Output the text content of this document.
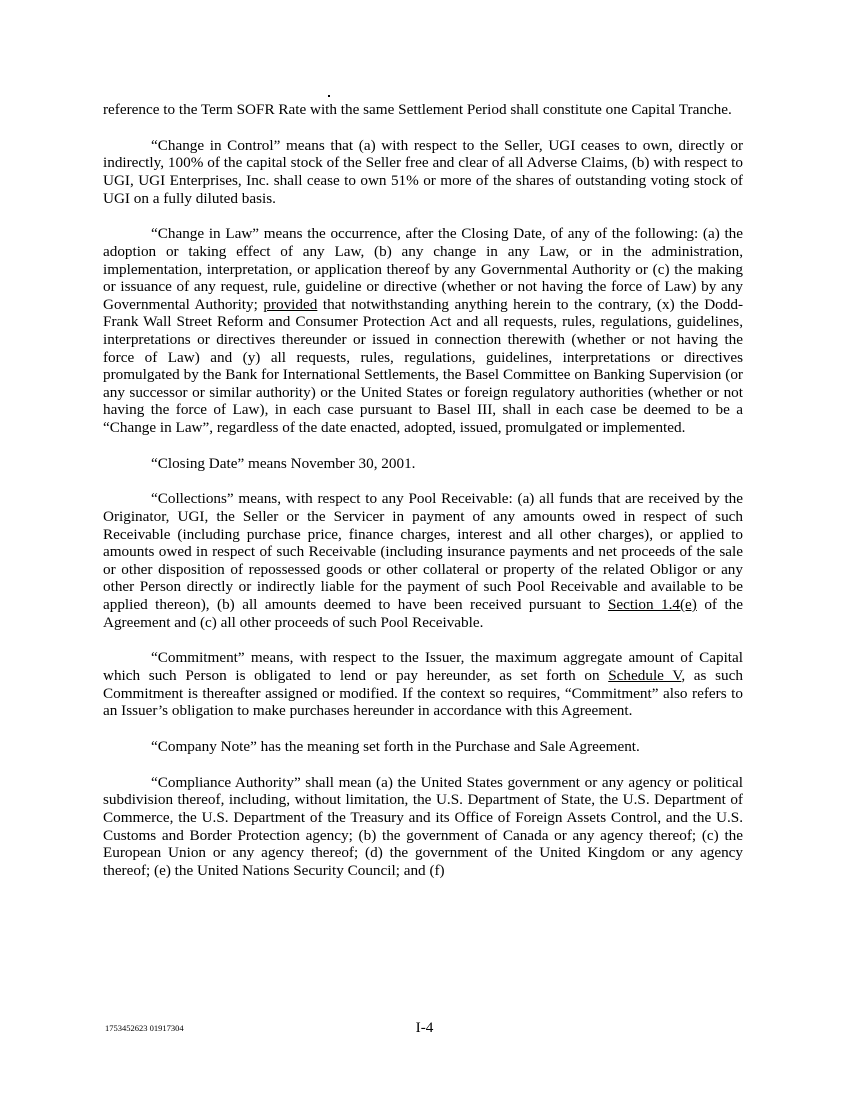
reference to the Term SOFR Rate with the same Settlement Period shall constitute one Capital Tranche.

“Change in Control” means that (a) with respect to the Seller, UGI ceases to own, directly or indirectly, 100% of the capital stock of the Seller free and clear of all Adverse Claims, (b) with respect to UGI, UGI Enterprises, Inc. shall cease to own 51% or more of the shares of outstanding voting stock of UGI on a fully diluted basis.

“Change in Law” means the occurrence, after the Closing Date, of any of the following: (a) the adoption or taking effect of any Law, (b) any change in any Law, or in the administration, implementation, interpretation, or application thereof by any Governmental Authority or (c) the making or issuance of any request, rule, guideline or directive (whether or not having the force of Law) by any Governmental Authority; provided that notwithstanding anything herein to the contrary, (x) the Dodd-Frank Wall Street Reform and Consumer Protection Act and all requests, rules, regulations, guidelines, interpretations or directives thereunder or issued in connection therewith (whether or not having the force of Law) and (y) all requests, rules, regulations, guidelines, interpretations or directives promulgated by the Bank for International Settlements, the Basel Committee on Banking Supervision (or any successor or similar authority) or the United States or foreign regulatory authorities (whether or not having the force of Law), in each case pursuant to Basel III, shall in each case be deemed to be a “Change in Law”, regardless of the date enacted, adopted, issued, promulgated or implemented.

“Closing Date” means November 30, 2001.

“Collections” means, with respect to any Pool Receivable: (a) all funds that are received by the Originator, UGI, the Seller or the Servicer in payment of any amounts owed in respect of such Receivable (including purchase price, finance charges, interest and all other charges), or applied to amounts owed in respect of such Receivable (including insurance payments and net proceeds of the sale or other disposition of repossessed goods or other collateral or property of the related Obligor or any other Person directly or indirectly liable for the payment of such Pool Receivable and available to be applied thereon), (b) all amounts deemed to have been received pursuant to Section 1.4(e) of the Agreement and (c) all other proceeds of such Pool Receivable.

“Commitment” means, with respect to the Issuer, the maximum aggregate amount of Capital which such Person is obligated to lend or pay hereunder, as set forth on Schedule V, as such Commitment is thereafter assigned or modified. If the context so requires, “Commitment” also refers to an Issuer’s obligation to make purchases hereunder in accordance with this Agreement.

“Company Note” has the meaning set forth in the Purchase and Sale Agreement.

“Compliance Authority” shall mean (a) the United States government or any agency or political subdivision thereof, including, without limitation, the U.S. Department of State, the U.S. Department of Commerce, the U.S. Department of the Treasury and its Office of Foreign Assets Control, and the U.S. Customs and Border Protection agency; (b) the government of Canada or any agency thereof; (c) the European Union or any agency thereof; (d) the government of the United Kingdom or any agency thereof; (e) the United Nations Security Council; and (f)

1753452623 01917304	I-4
